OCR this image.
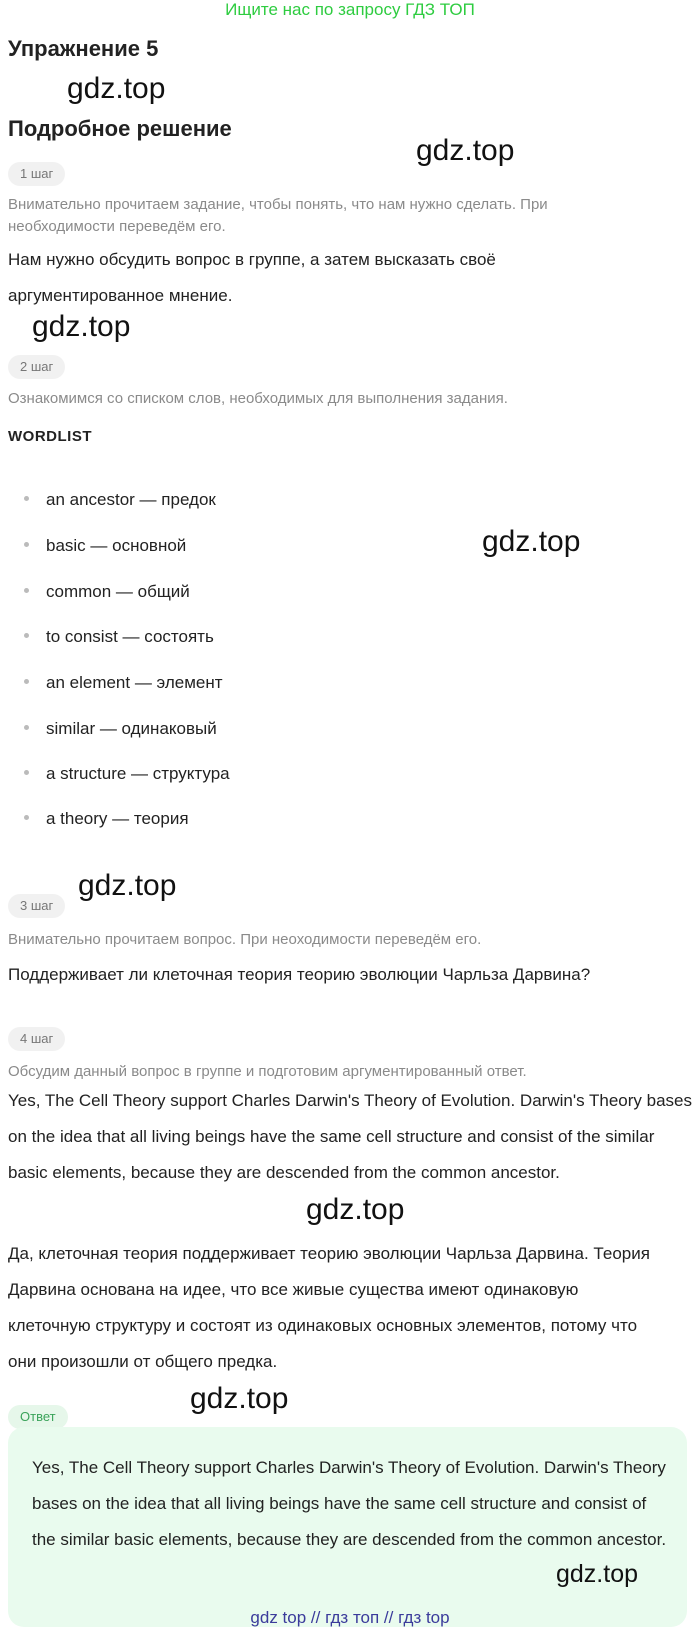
Ищите нас по запросу ГДЗ ТОП
Упражнение 5
gdz.top
Подробное решение
gdz.top
1 шаг
Внимательно прочитаем задание, чтобы понять, что нам нужно сделать. При необходимости переведём его.
Нам нужно обсудить вопрос в группе, а затем высказать своё аргументированное мнение.
gdz.top
2 шаг
Ознакомимся со списком слов, необходимых для выполнения задания.
WORDLIST
an ancestor — предок
basic — основной
common — общий
to consist — состоять
an element — элемент
similar — одинаковый
a structure — структура
a theory — теория
gdz.top
gdz.top
3 шаг
Внимательно прочитаем вопрос. При неоходимости переведём его.
Поддерживает ли клеточная теория теорию эволюции Чарльза Дарвина?
4 шаг
Обсудим данный вопрос в группе и подготовим аргументированный ответ.
Yes, The Cell Theory support Charles Darwin's Theory of Evolution. Darwin's Theory bases on the idea that all living beings have the same cell structure and consist of the similar basic elements, because they are descended from the common ancestor.
gdz.top
Да, клеточная теория поддерживает теорию эволюции Чарльза Дарвина. Теория Дарвина основана на идее, что все живые существа имеют одинаковую клеточную структуру и состоят из одинаковых основных элементов, потому что они произошли от общего предка.
gdz.top
Ответ
Yes, The Cell Theory support Charles Darwin's Theory of Evolution. Darwin's Theory bases on the idea that all living beings have the same cell structure and consist of the similar basic elements, because they are descended from the common ancestor.
gdz.top
gdz top // гдз топ // гдз top
